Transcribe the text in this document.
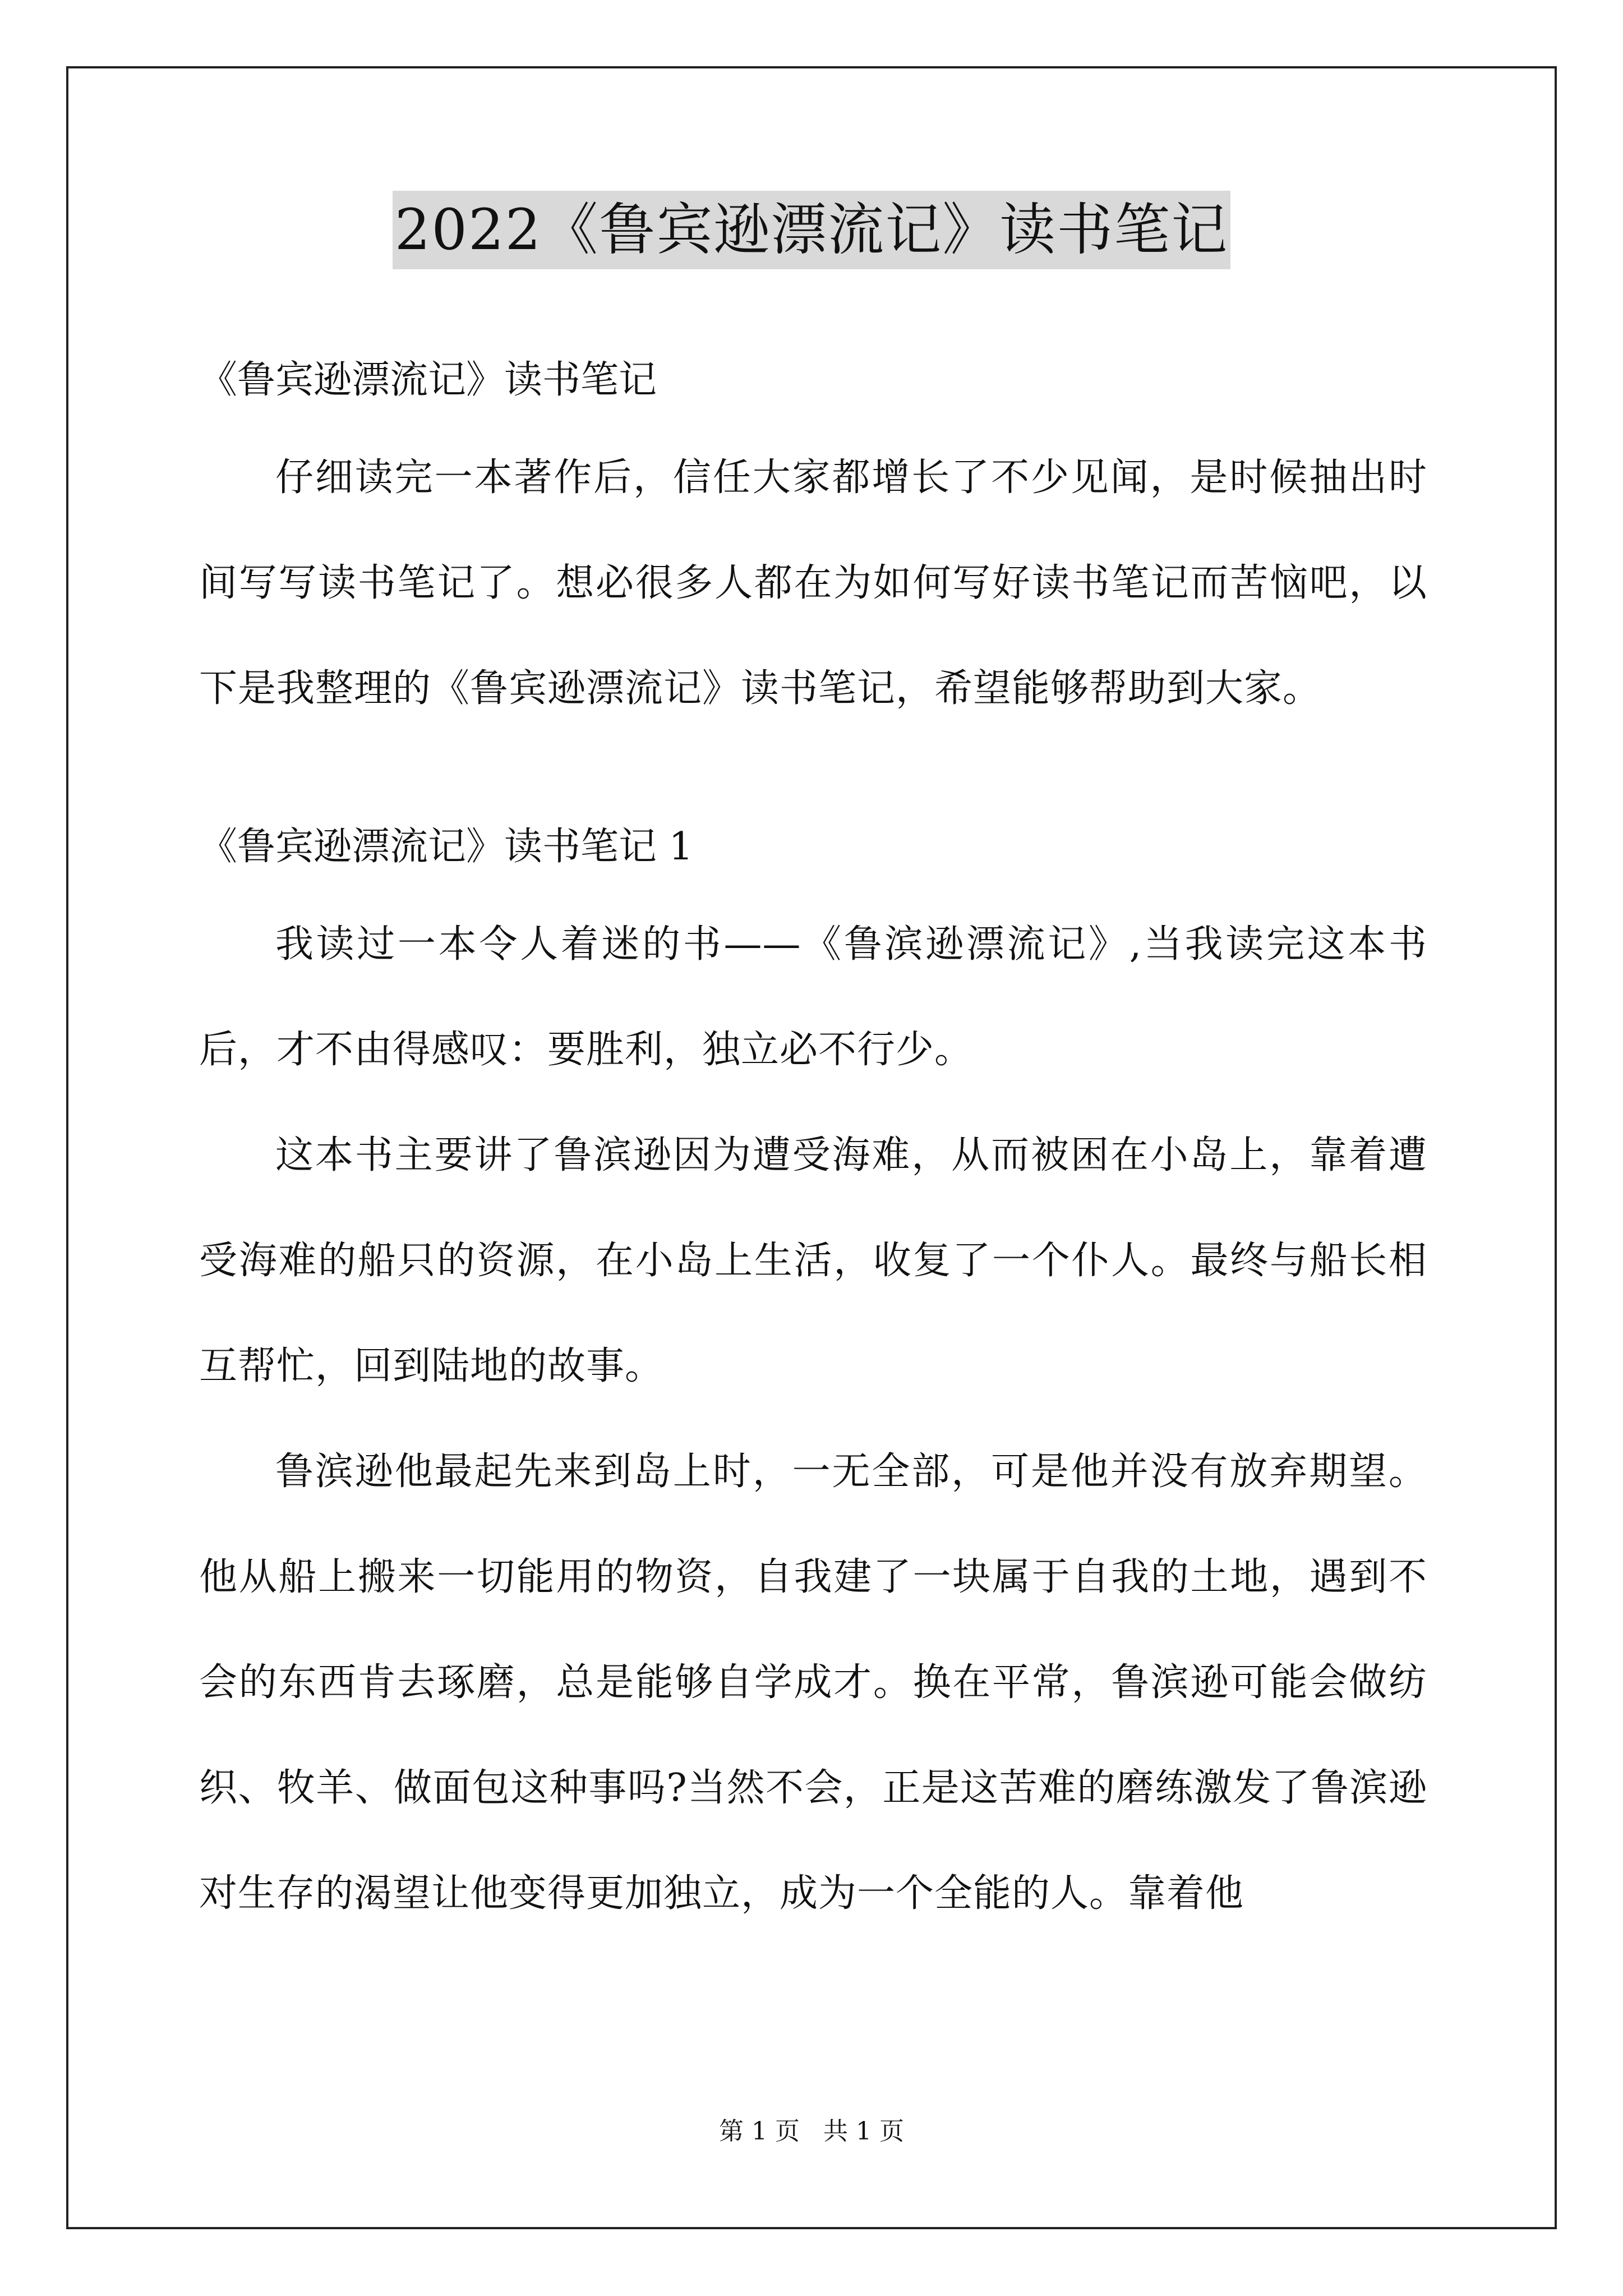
2022《鲁宾逊漂流记》读书笔记

《鲁宾逊漂流记》读书笔记

仔细读完一本著作后，信任大家都增长了不少见闻，是时候抽出时间写写读书笔记了。想必很多人都在为如何写好读书笔记而苦恼吧，以下是我整理的《鲁宾逊漂流记》读书笔记，希望能够帮助到大家。

《鲁宾逊漂流记》读书笔记 1

我读过一本令人着迷的书——《鲁滨逊漂流记》,当我读完这本书后，才不由得感叹：要胜利，独立必不行少。

这本书主要讲了鲁滨逊因为遭受海难，从而被困在小岛上，靠着遭受海难的船只的资源，在小岛上生活，收复了一个仆人。最终与船长相互帮忙，回到陆地的故事。

鲁滨逊他最起先来到岛上时，一无全部，可是他并没有放弃期望。他从船上搬来一切能用的物资，自我建了一块属于自我的土地，遇到不会的东西肯去琢磨，总是能够自学成才。换在平常，鲁滨逊可能会做纺织、牧羊、做面包这种事吗?当然不会，正是这苦难的磨练激发了鲁滨逊对生存的渴望让他变得更加独立，成为一个全能的人。靠着他

第 1 页 共 1 页
